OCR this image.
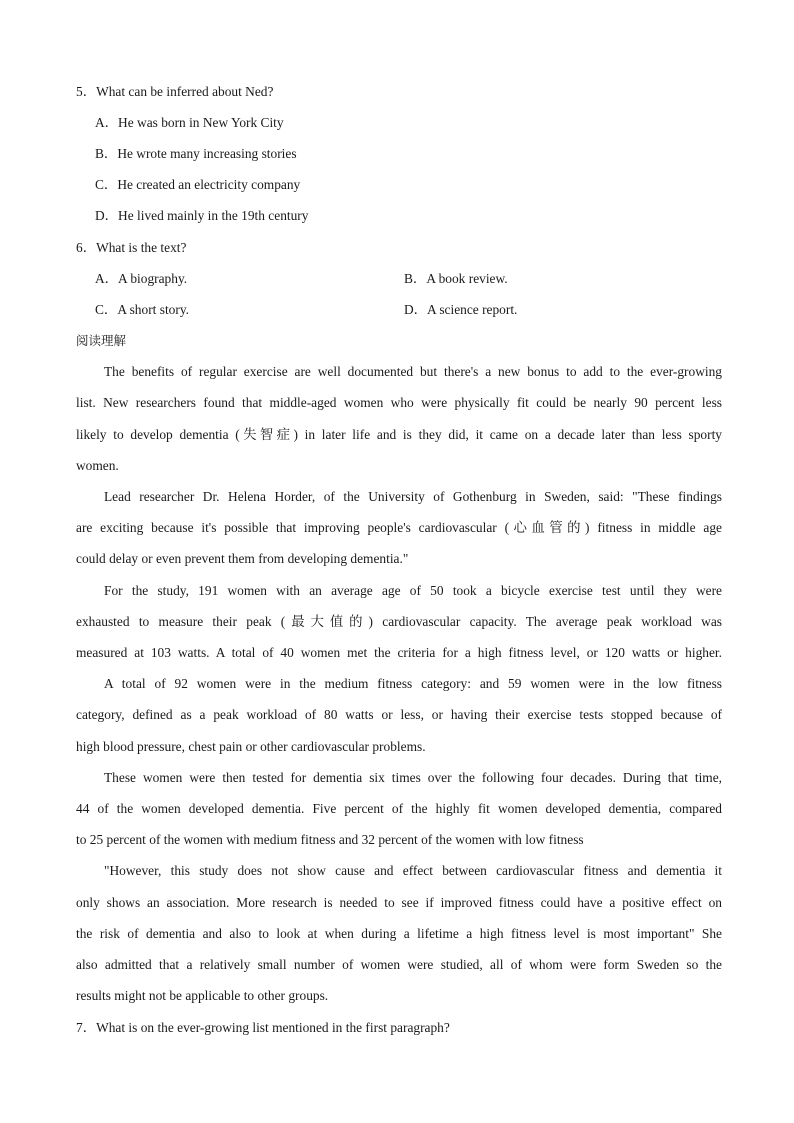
5．What can be inferred about Ned?
A．He was born in New York City
B．He wrote many increasing stories
C．He created an electricity company
D．He lived mainly in the 19th century
6．What is the text?
A．A biography.	B．A book review.
C．A short story.	D．A science report.
阅读理解
The benefits of regular exercise are well documented but there's a new bonus to add to the ever-growing
list. New researchers found that middle-aged women who were physically fit could be nearly 90 percent less
likely to develop dementia (失智症) in later life and is they did, it came on a decade later than less sporty
women.
Lead researcher Dr. Helena Horder, of the University of Gothenburg in Sweden, said: "These findings
are exciting because it's possible that improving people's cardiovascular (心血管的) fitness in middle age
could delay or even prevent them from developing dementia."
For the study, 191 women with an average age of 50 took a bicycle exercise test until they were
exhausted to measure their peak (最大值的) cardiovascular capacity. The average peak workload was
measured at 103 watts. A total of 40 women met the criteria for a high fitness level, or 120 watts or higher.
A total of 92 women were in the medium fitness category: and 59 women were in the low fitness
category, defined as a peak workload of 80 watts or less, or having their exercise tests stopped because of
high blood pressure, chest pain or other cardiovascular problems.
These women were then tested for dementia six times over the following four decades. During that time,
44 of the women developed dementia. Five percent of the highly fit women developed dementia, compared
to 25 percent of the women with medium fitness and 32 percent of the women with low fitness
"However, this study does not show cause and effect between cardiovascular fitness and dementia it
only shows an association. More research is needed to see if improved fitness could have a positive effect on
the risk of dementia and also to look at when during a lifetime a high fitness level is most important" She
also admitted that a relatively small number of women were studied, all of whom were form Sweden so the
results might not be applicable to other groups.
7．What is on the ever-growing list mentioned in the first paragraph?
